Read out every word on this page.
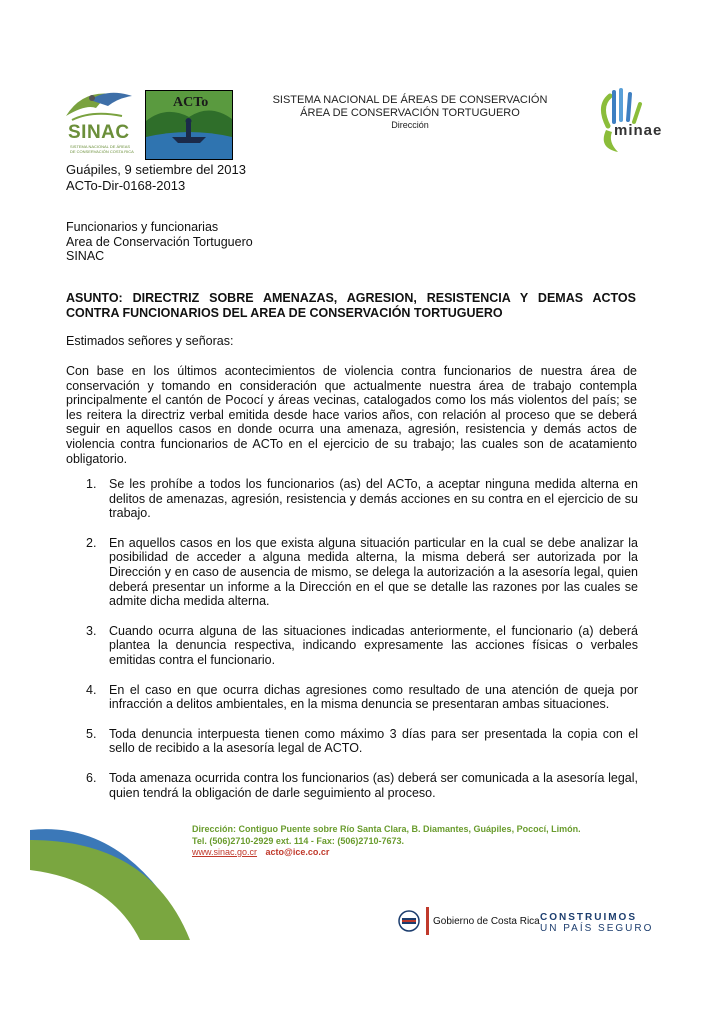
SINAC
SISTEMA NACIONAL DE ÁREAS DE CONSERVACIÓN COSTA RICA
ACTo	SISTEMA NACIONAL DE ÁREAS DE CONSERVACIÓN
ÁREA DE CONSERVACIÓN TORTUGUERO
Dirección	minae
Guápiles, 9 setiembre del 2013
ACTo-Dir-0168-2013
Funcionarios y funcionarias
Area de Conservación Tortuguero
SINAC
ASUNTO: DIRECTRIZ SOBRE AMENAZAS, AGRESION, RESISTENCIA Y DEMAS ACTOS CONTRA FUNCIONARIOS DEL AREA DE CONSERVACIÓN TORTUGUERO
Estimados señores y señoras:
Con base en los últimos acontecimientos de violencia contra funcionarios de nuestra área de conservación y tomando en consideración que actualmente nuestra área de trabajo contempla principalmente el cantón de Pococí y áreas vecinas, catalogados como los más violentos del país; se les reitera la directriz verbal emitida desde hace varios años, con relación al proceso que se deberá seguir en aquellos casos en donde ocurra una amenaza, agresión, resistencia y demás actos de violencia contra funcionarios de ACTo en el ejercicio de su trabajo; las cuales son de acatamiento obligatorio.
1. Se les prohíbe a todos los funcionarios (as) del ACTo, a aceptar ninguna medida alterna en delitos de amenazas, agresión, resistencia y demás acciones en su contra en el ejercicio de su trabajo.
2. En aquellos casos en los que exista alguna situación particular en la cual se debe analizar la posibilidad de acceder a alguna medida alterna, la misma deberá ser autorizada por la Dirección y en caso de ausencia de mismo, se delega la autorización a la asesoría legal, quien deberá presentar un informe a la Dirección en el que se detalle las razones por las cuales se admite dicha medida alterna.
3. Cuando ocurra alguna de las situaciones indicadas anteriormente, el funcionario (a) deberá plantea la denuncia respectiva, indicando expresamente las acciones físicas o verbales emitidas contra el funcionario.
4. En el caso en que ocurra dichas agresiones como resultado de una atención de queja por infracción a delitos ambientales, en la misma denuncia se presentaran ambas situaciones.
5. Toda denuncia interpuesta tienen como máximo 3 días para ser presentada la copia con el sello de recibido a la asesoría legal de ACTO.
6. Toda amenaza ocurrida contra los funcionarios (as) deberá ser comunicada a la asesoría legal, quien tendrá la obligación de darle seguimiento al proceso.
Dirección: Contiguo Puente sobre Río Santa Clara, B. Diamantes, Guápiles, Pococí, Limón.
Tel. (506)2710-2929 ext. 114 - Fax: (506)2710-7673.
www.sinac.go.cr acto@ice.co.cr
Gobierno de Costa Rica CONSTRUIMOS
UN PAÍS SEGURO
